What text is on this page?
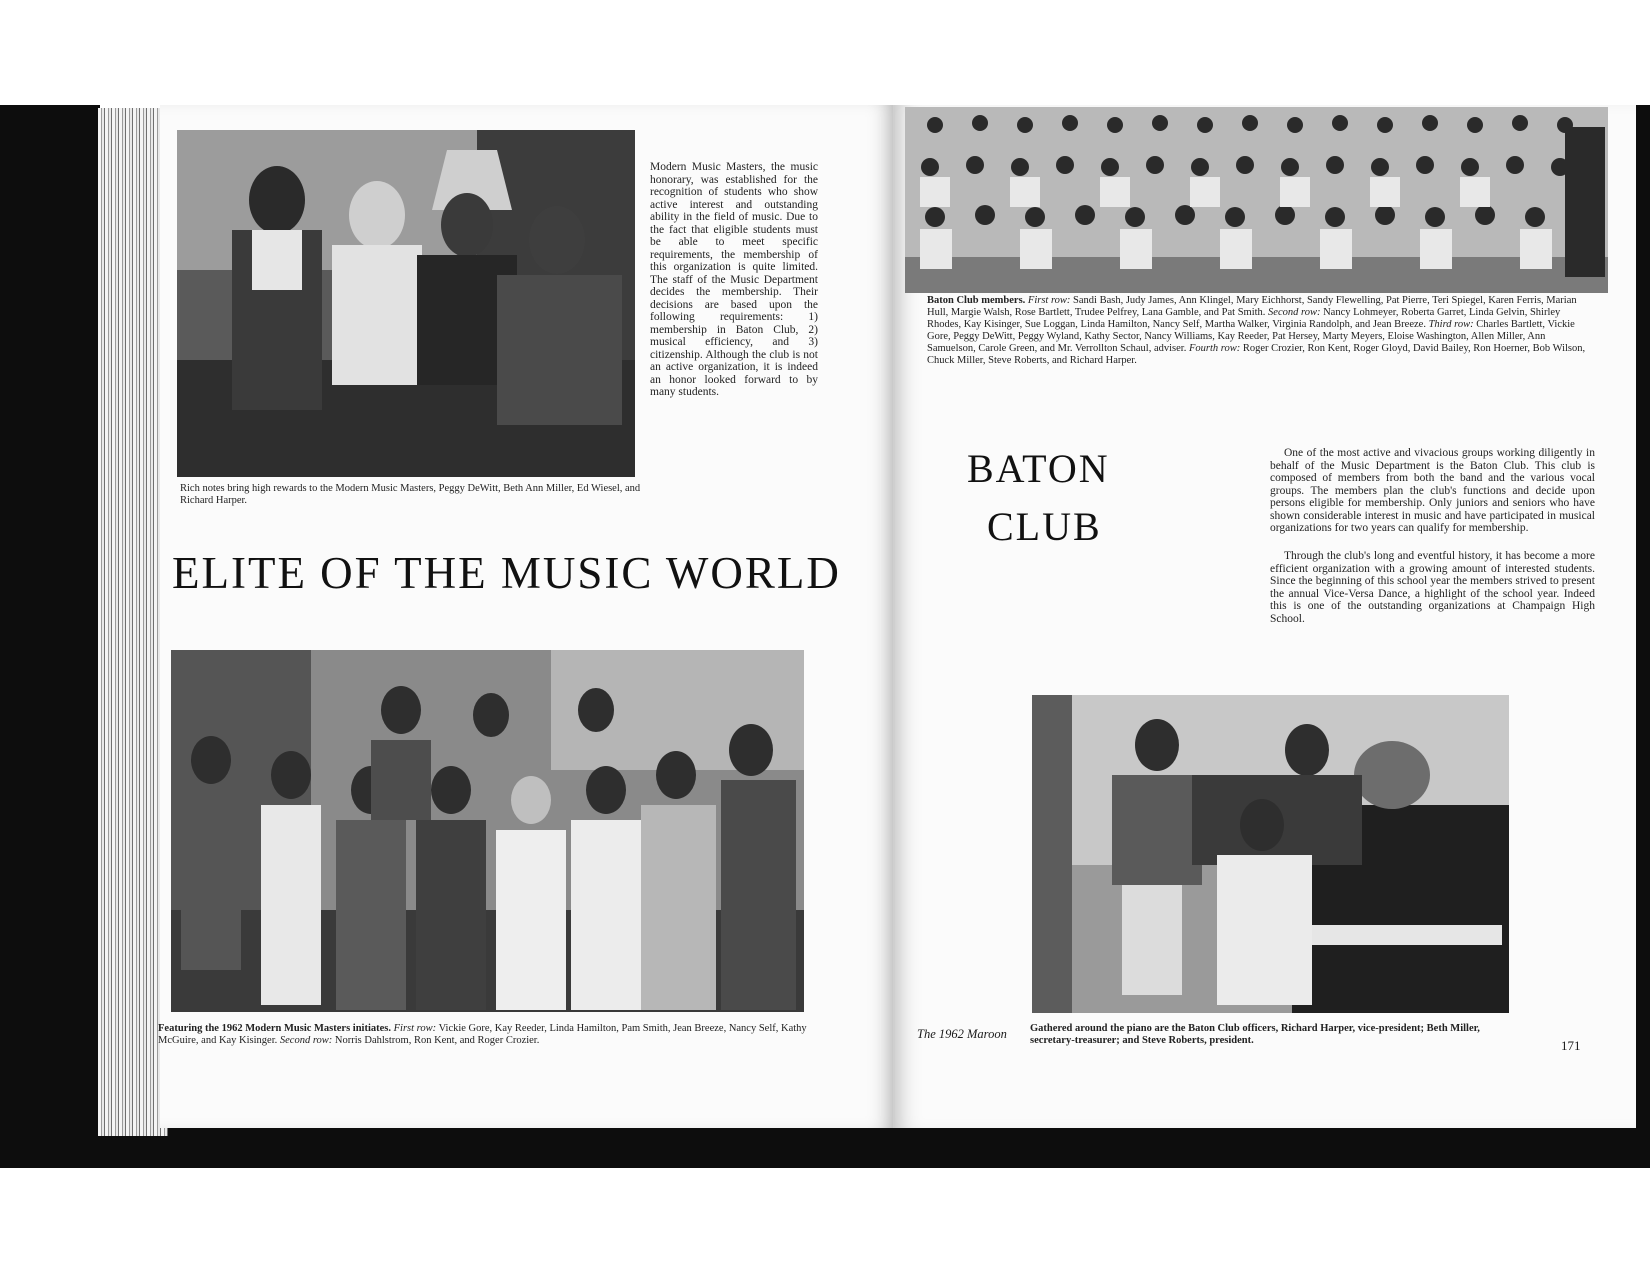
Rich notes bring high rewards to the Modern Music Masters, Peggy DeWitt, Beth Ann Miller, Ed Wiesel, and Richard Harper.
Modern Music Masters, the music honorary, was established for the recognition of students who show active interest and outstanding ability in the field of music. Due to the fact that eligible students must be able to meet specific requirements, the membership of this organization is quite limited. The staff of the Music Department decides the membership. Their decisions are based upon the following requirements: 1) membership in Baton Club, 2) musical efficiency, and 3) citizenship. Although the club is not an active organization, it is indeed an honor looked forward to by many students.
ELITE OF THE MUSIC WORLD
Featuring the 1962 Modern Music Masters initiates. First row: Vickie Gore, Kay Reeder, Linda Hamilton, Pam Smith, Jean Breeze, Nancy Self, Kathy McGuire, and Kay Kisinger. Second row: Norris Dahlstrom, Ron Kent, and Roger Crozier.
Baton Club members. First row: Sandi Bash, Judy James, Ann Klingel, Mary Eichhorst, Sandy Flewelling, Pat Pierre, Teri Spiegel, Karen Ferris, Marian Hull, Margie Walsh, Rose Bartlett, Trudee Pelfrey, Lana Gamble, and Pat Smith. Second row: Nancy Lohmeyer, Roberta Garret, Linda Gelvin, Shirley Rhodes, Kay Kisinger, Sue Loggan, Linda Hamilton, Nancy Self, Martha Walker, Virginia Randolph, and Jean Breeze. Third row: Charles Bartlett, Vickie Gore, Peggy DeWitt, Peggy Wyland, Kathy Sector, Nancy Williams, Kay Reeder, Pat Hersey, Marty Meyers, Eloise Washington, Allen Miller, Ann Samuelson, Carole Green, and Mr. Verrollton Schaul, adviser. Fourth row: Roger Crozier, Ron Kent, Roger Gloyd, David Bailey, Ron Hoerner, Bob Wilson, Chuck Miller, Steve Roberts, and Richard Harper.
BATON
CLUB
One of the most active and vivacious groups working diligently in behalf of the Music Department is the Baton Club. This club is composed of members from both the band and the various vocal groups. The members plan the club's functions and decide upon persons eligible for membership. Only juniors and seniors who have shown considerable interest in music and have participated in musical organizations for two years can qualify for membership.
Through the club's long and eventful history, it has become a more efficient organization with a growing amount of interested students. Since the beginning of this school year the members strived to present the annual Vice-Versa Dance, a highlight of the school year. Indeed this is one of the outstanding organizations at Champaign High School.
The 1962 Maroon Gathered around the piano are the Baton Club officers, Richard Harper, vice-president; Beth Miller, secretary-treasurer; and Steve Roberts, president.	171
